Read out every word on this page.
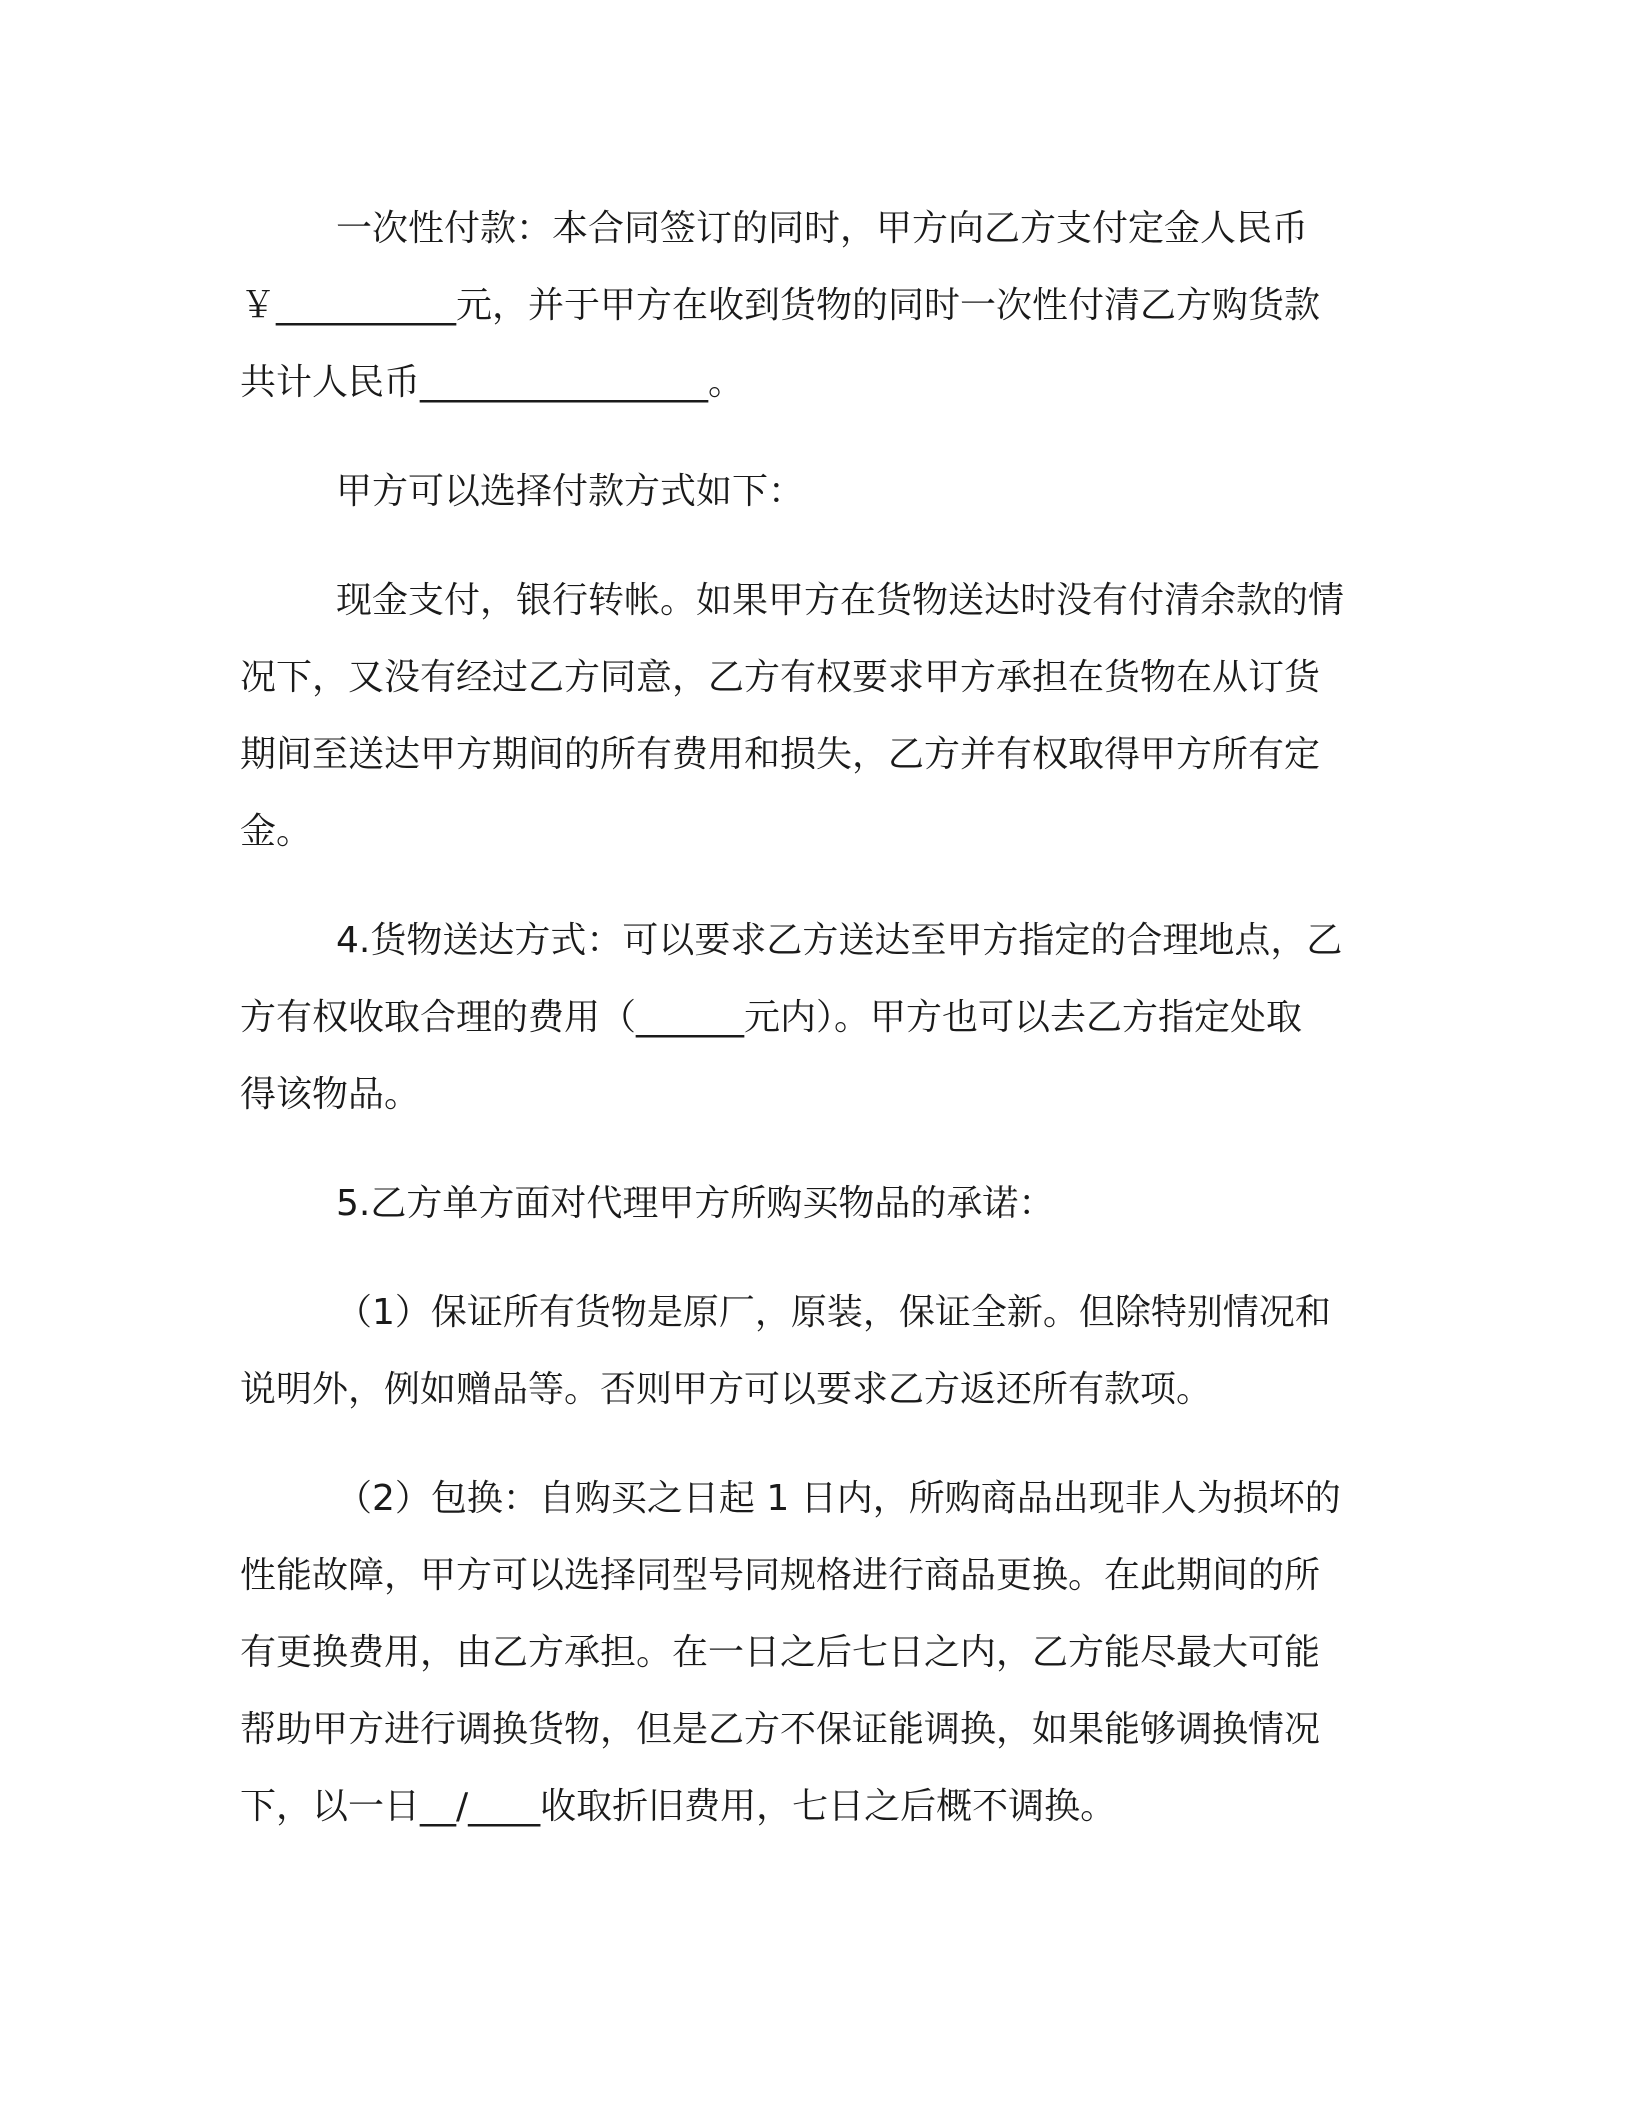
一次性付款：本合同签订的同时，甲方向乙方支付定金人民币
￥__________元，并于甲方在收到货物的同时一次性付清乙方购货款
共计人民币________________。

甲方可以选择付款方式如下：

现金支付，银行转帐。如果甲方在货物送达时没有付清余款的情
况下，又没有经过乙方同意，乙方有权要求甲方承担在货物在从订货
期间至送达甲方期间的所有费用和损失，乙方并有权取得甲方所有定
金。

4.货物送达方式：可以要求乙方送达至甲方指定的合理地点，乙
方有权收取合理的费用（______元内）。甲方也可以去乙方指定处取
得该物品。

5.乙方单方面对代理甲方所购买物品的承诺：

（1）保证所有货物是原厂，原装，保证全新。但除特别情况和
说明外，例如赠品等。否则甲方可以要求乙方返还所有款项。

（2）包换：自购买之日起 1 日内，所购商品出现非人为损坏的
性能故障，甲方可以选择同型号同规格进行商品更换。在此期间的所
有更换费用，由乙方承担。在一日之后七日之内，乙方能尽最大可能
帮助甲方进行调换货物，但是乙方不保证能调换，如果能够调换情况
下，以一日__/____收取折旧费用，七日之后概不调换。
